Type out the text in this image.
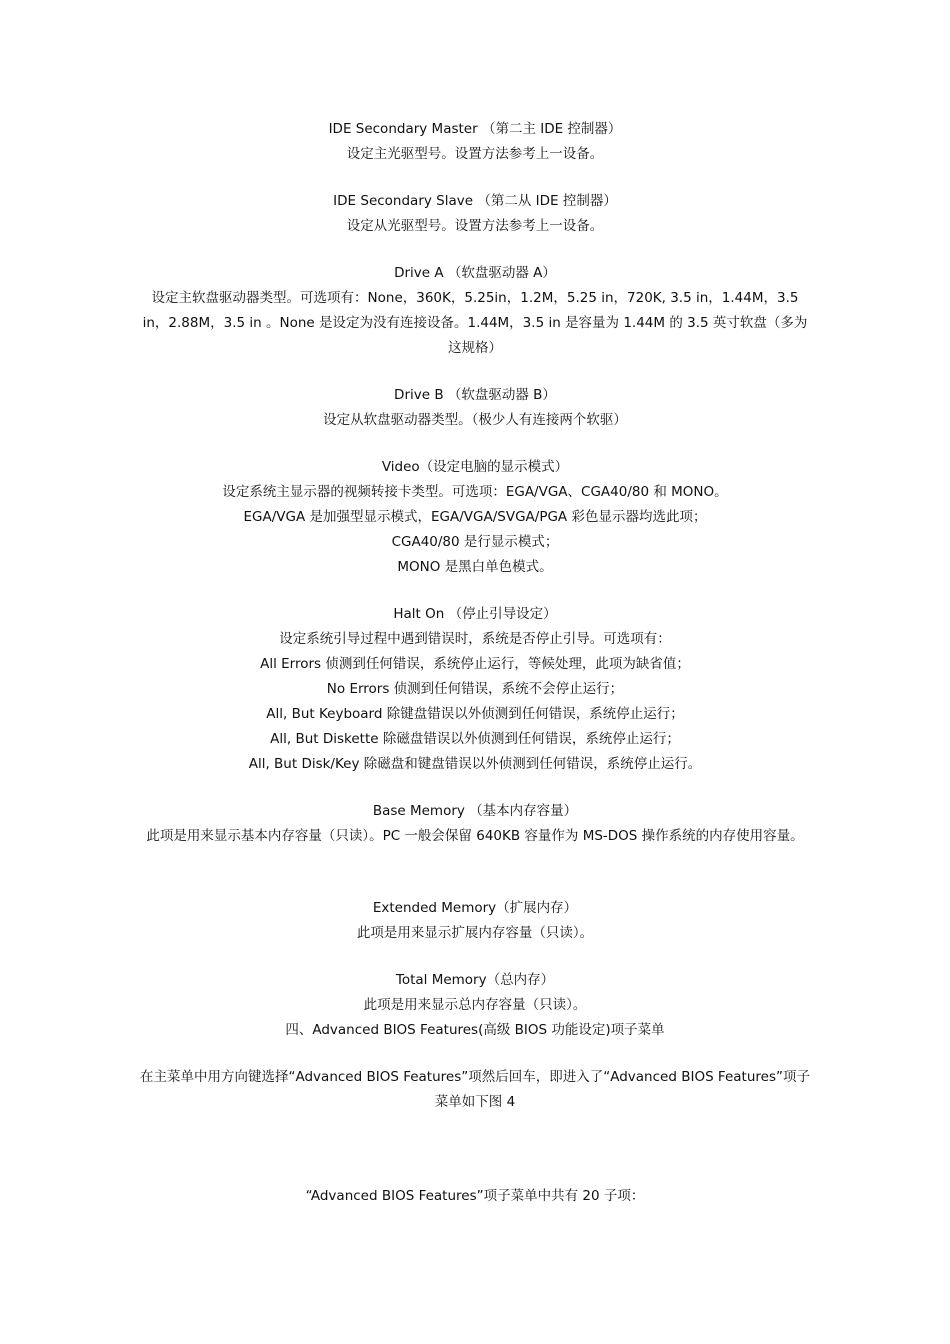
IDE Secondary Master （第二主 IDE 控制器）
设定主光驱型号。设置方法参考上一设备。
IDE Secondary Slave （第二从 IDE 控制器）
设定从光驱型号。设置方法参考上一设备。
Drive A （软盘驱动器 A）
设定主软盘驱动器类型。可选项有：None，360K，5.25in，1.2M，5.25 in，720K, 3.5 in，1.44M，3.5 in，2.88M，3.5 in 。None 是设定为没有连接设备。1.44M，3.5 in 是容量为 1.44M 的 3.5 英寸软盘（多为这规格）
Drive B （软盘驱动器 B）
设定从软盘驱动器类型。（极少人有连接两个软驱）
Video（设定电脑的显示模式）
设定系统主显示器的视频转接卡类型。可选项：EGA/VGA、CGA40/80 和 MONO。
EGA/VGA 是加强型显示模式，EGA/VGA/SVGA/PGA 彩色显示器均选此项；
CGA40/80 是行显示模式；
MONO 是黑白单色模式。
Halt On （停止引导设定）
设定系统引导过程中遇到错误时，系统是否停止引导。可选项有：
All Errors 侦测到任何错误，系统停止运行，等候处理，此项为缺省值；
No Errors 侦测到任何错误，系统不会停止运行；
All, But Keyboard 除键盘错误以外侦测到任何错误，系统停止运行；
All, But Diskette 除磁盘错误以外侦测到任何错误，系统停止运行；
All, But Disk/Key 除磁盘和键盘错误以外侦测到任何错误，系统停止运行。
Base Memory （基本内存容量）
此项是用来显示基本内存容量（只读）。PC 一般会保留 640KB 容量作为 MS-DOS 操作系统的内存使用容量。
Extended Memory（扩展内存）
此项是用来显示扩展内存容量（只读）。
Total Memory（总内存）
此项是用来显示总内存容量（只读）。
四、Advanced BIOS Features(高级 BIOS 功能设定)项子菜单
在主菜单中用方向键选择“Advanced BIOS Features”项然后回车，即进入了“Advanced BIOS Features”项子菜单如下图 4
“Advanced BIOS Features”项子菜单中共有 20 子项：
